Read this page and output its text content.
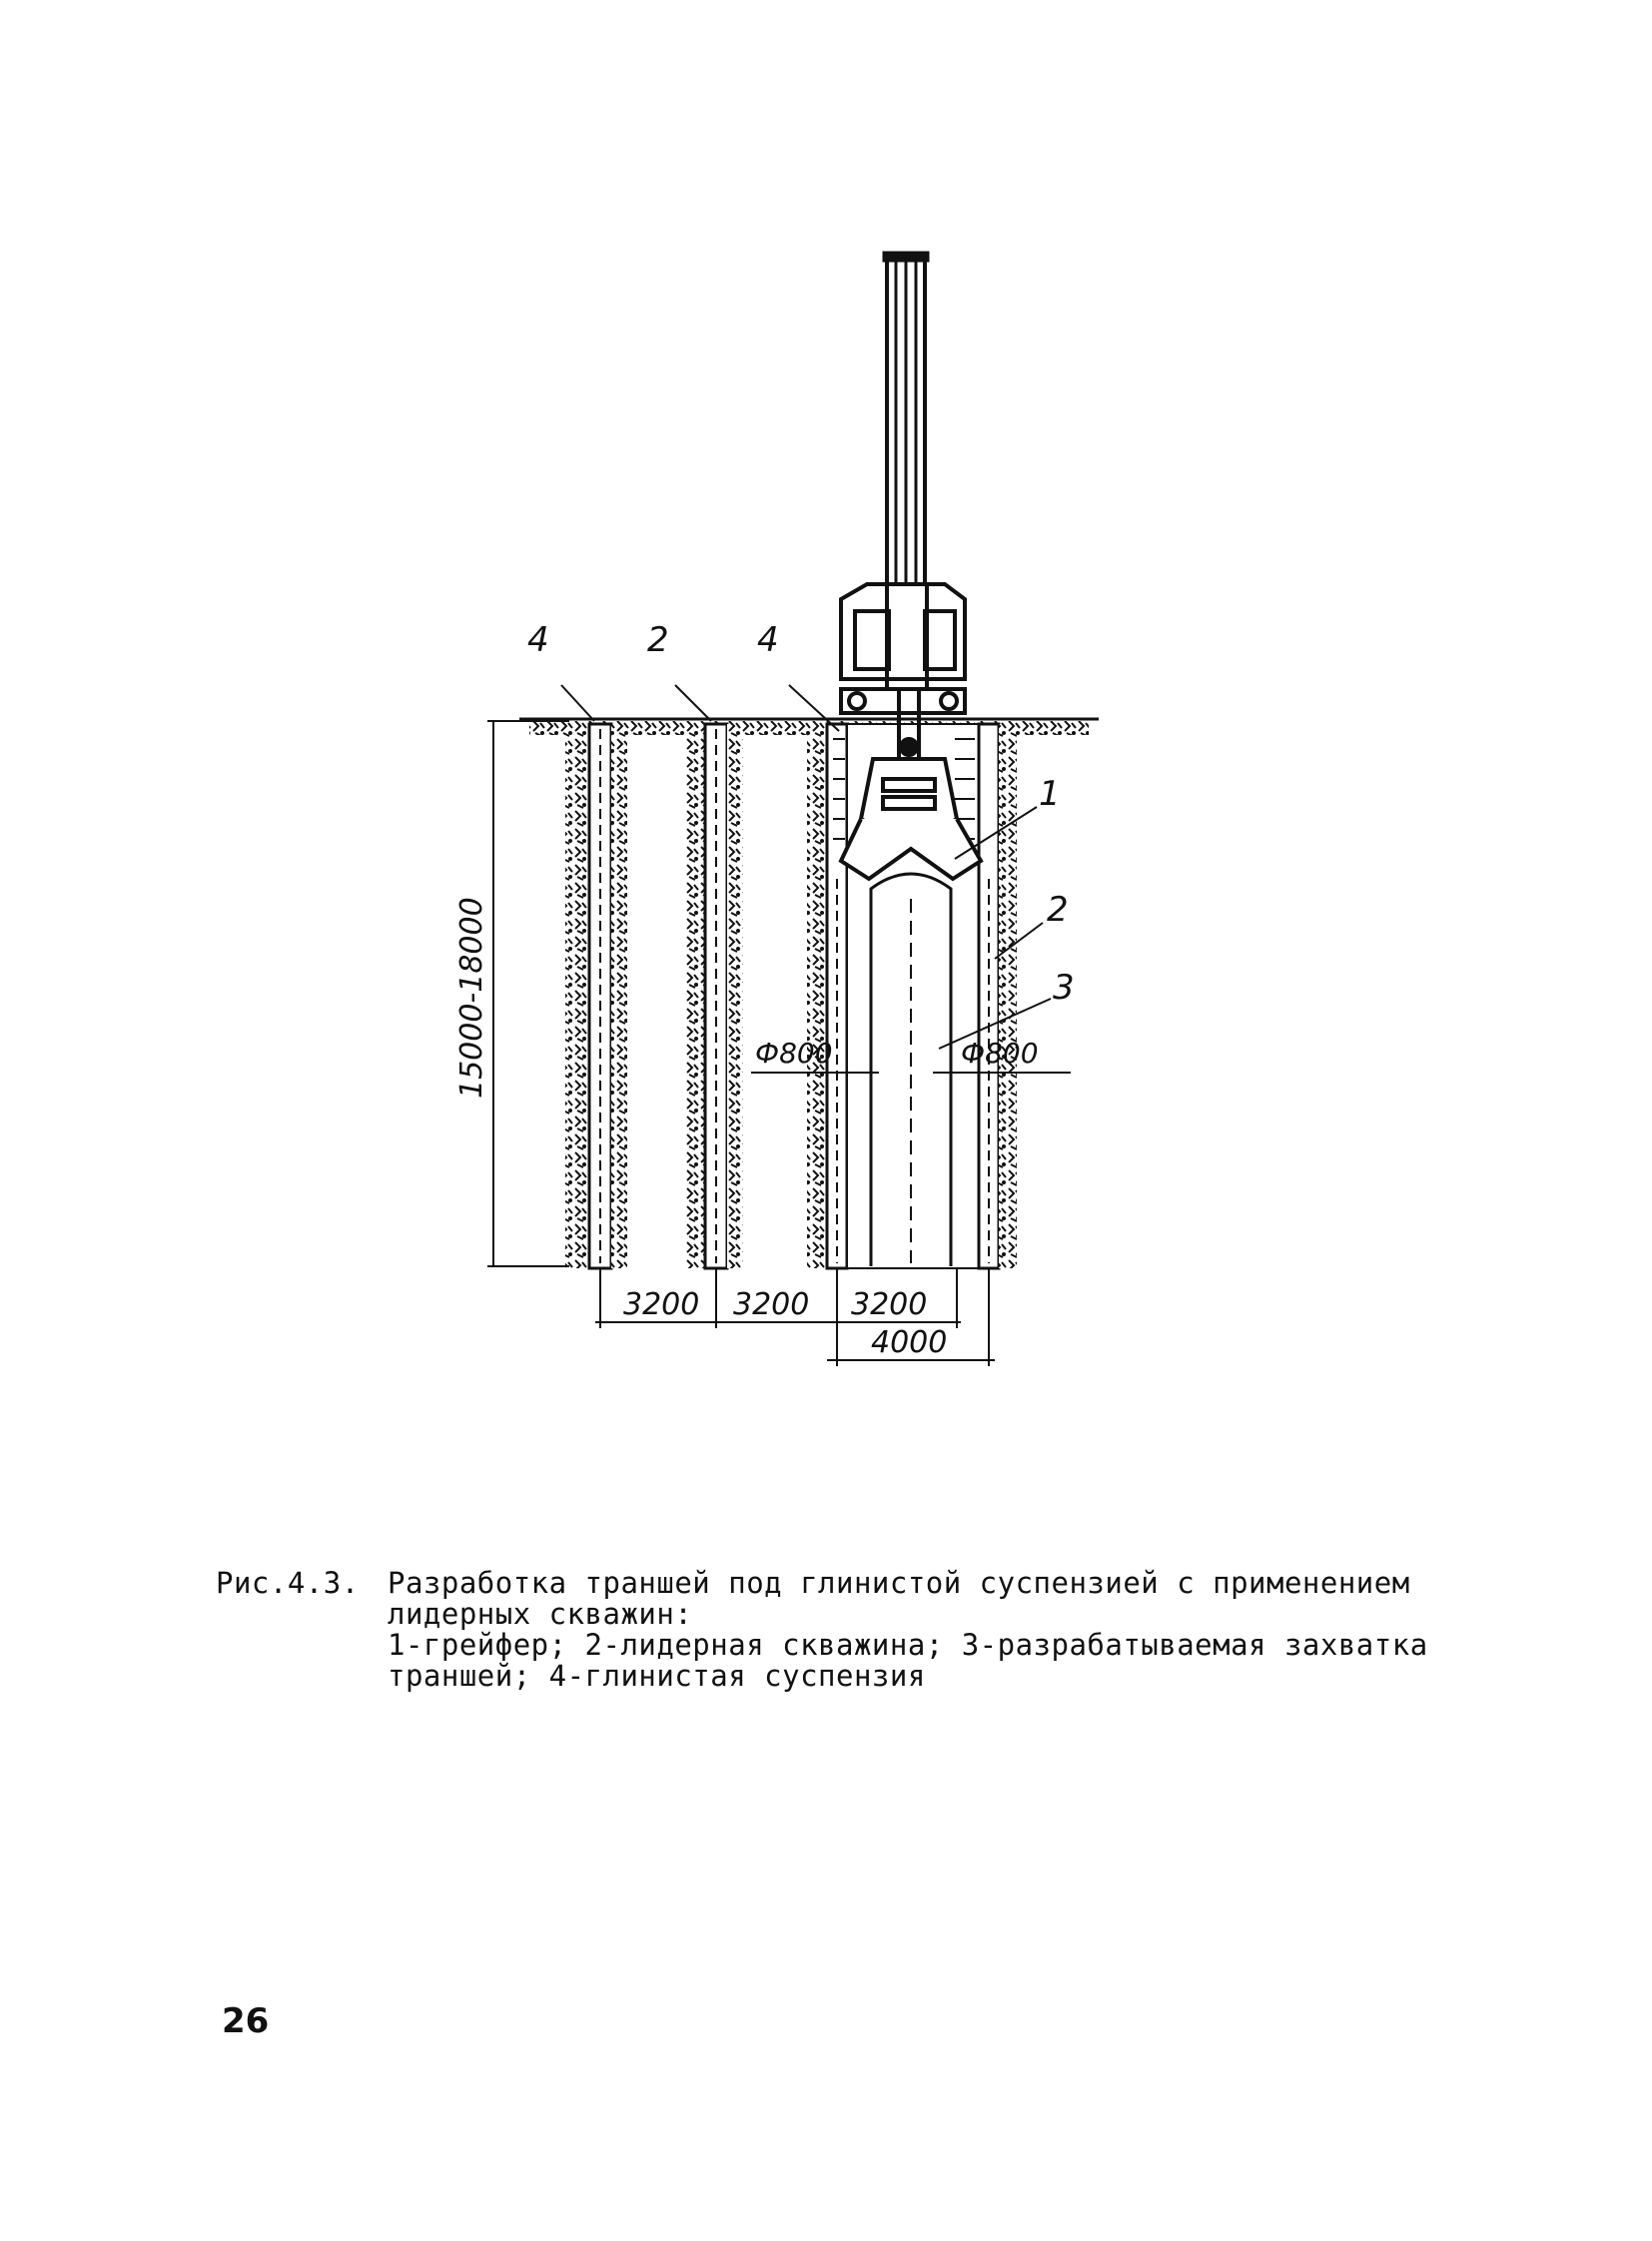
4	2	4
1
2
3
15000-18000	Ф800	Ф800
3200 3200 3200
4000
Рис.4.3. Разработка траншей под глинистой суспензией с применением
лидерных скважин:
1-грейфер; 2-лидерная скважина; 3-разрабатываемая захватка
траншей; 4-глинистая суспензия
26
